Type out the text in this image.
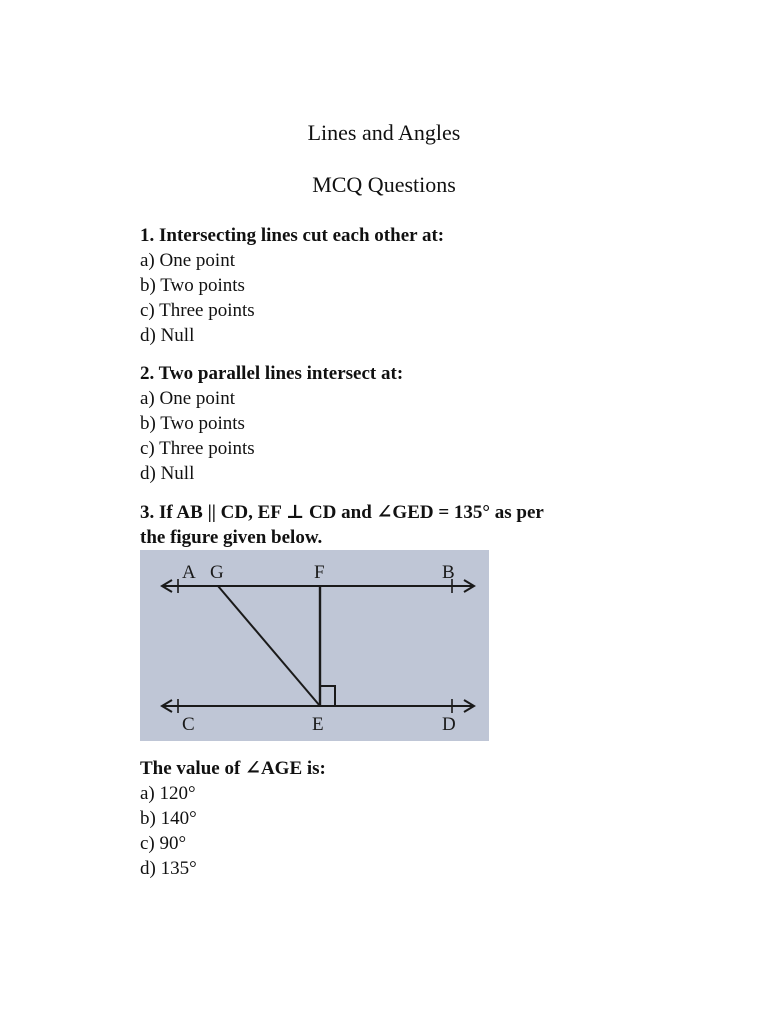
Lines and Angles
MCQ Questions

1. Intersecting lines cut each other at:

a) One point
b) Two points
c) Three points
d) Null

2. Two parallel lines intersect at:

a) One point
b) Two points
c) Three points
d) Null

3. If AB || CD, EF ⊥ CD and ∠GED = 135° as per

the figure given below.

A G	F	B
C	E	D

The value of ∠AGE is:

a) 120°
b) 140°
c) 90°
d) 135°
